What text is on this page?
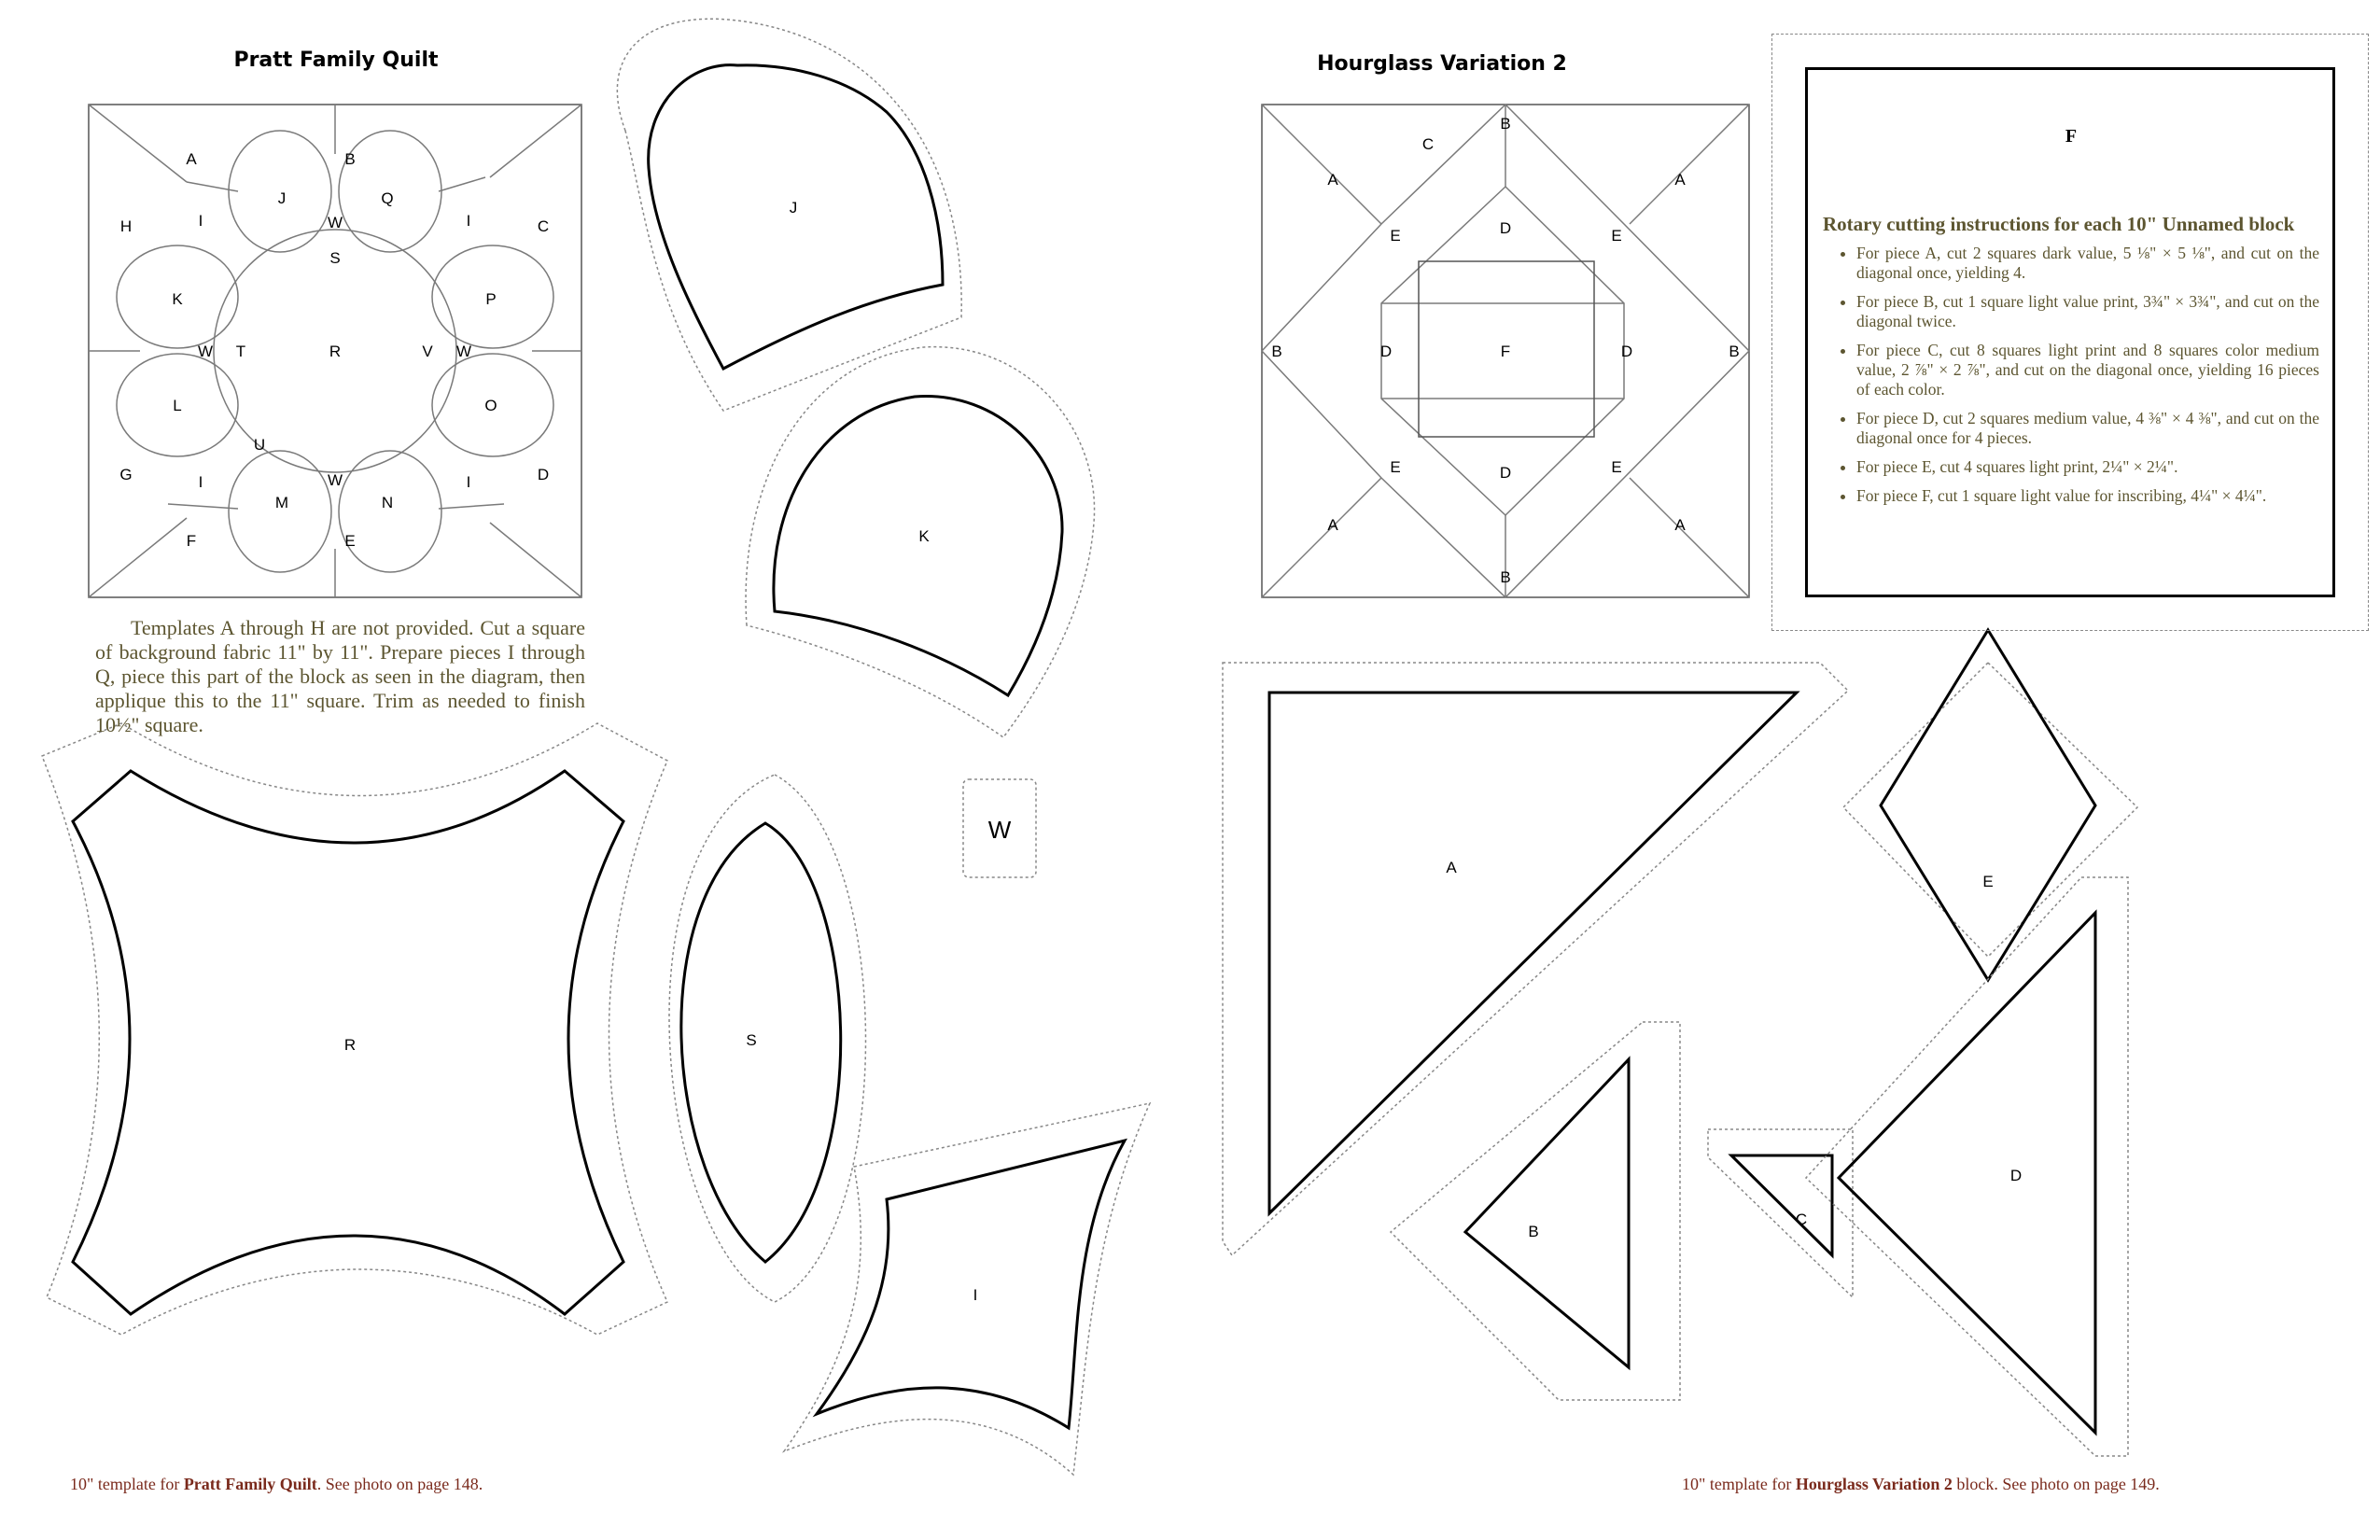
Pratt Family Quilt
A	B
C
D
E
F
G
H	I	I
I	I
J
K
L
M	N
O
P
Q
R
S
T
U
V
W
W	W
W
J
K
W
R	S
I
Templates A through H are not provided. Cut a square of background fabric 11" by 11". Prepare pieces I through Q, piece this part of the block as seen in the diagram, then applique this to the 11" square. Trim as needed to finish 10½" square.
10" template for Pratt Family Quilt. See photo on page 148.
Hourglass Variation 2
A	A
A	A
B
B	B
B
C
D
D	D
D
E	E
E	E
F
A
E
B
C
D
F
Rotary cutting instructions for each 10" Unnamed block
• For piece A, cut 2 squares dark value, 5 ⅛" × 5 ⅛", and cut on the diagonal once, yielding 4.
• For piece B, cut 1 square light value print, 3¾" × 3¾", and cut on the diagonal twice.
• For piece C, cut 8 squares light print and 8 squares color medium value, 2 ⅞" × 2 ⅞", and cut on the diagonal once, yielding 16 pieces of each color.
• For piece D, cut 2 squares medium value, 4 ⅜" × 4 ⅜", and cut on the diagonal once for 4 pieces.
• For piece E, cut 4 squares light print, 2¼" × 2¼".
• For piece F, cut 1 square light value for inscribing, 4¼" × 4¼".
10" template for Hourglass Variation 2 block. See photo on page 149.
